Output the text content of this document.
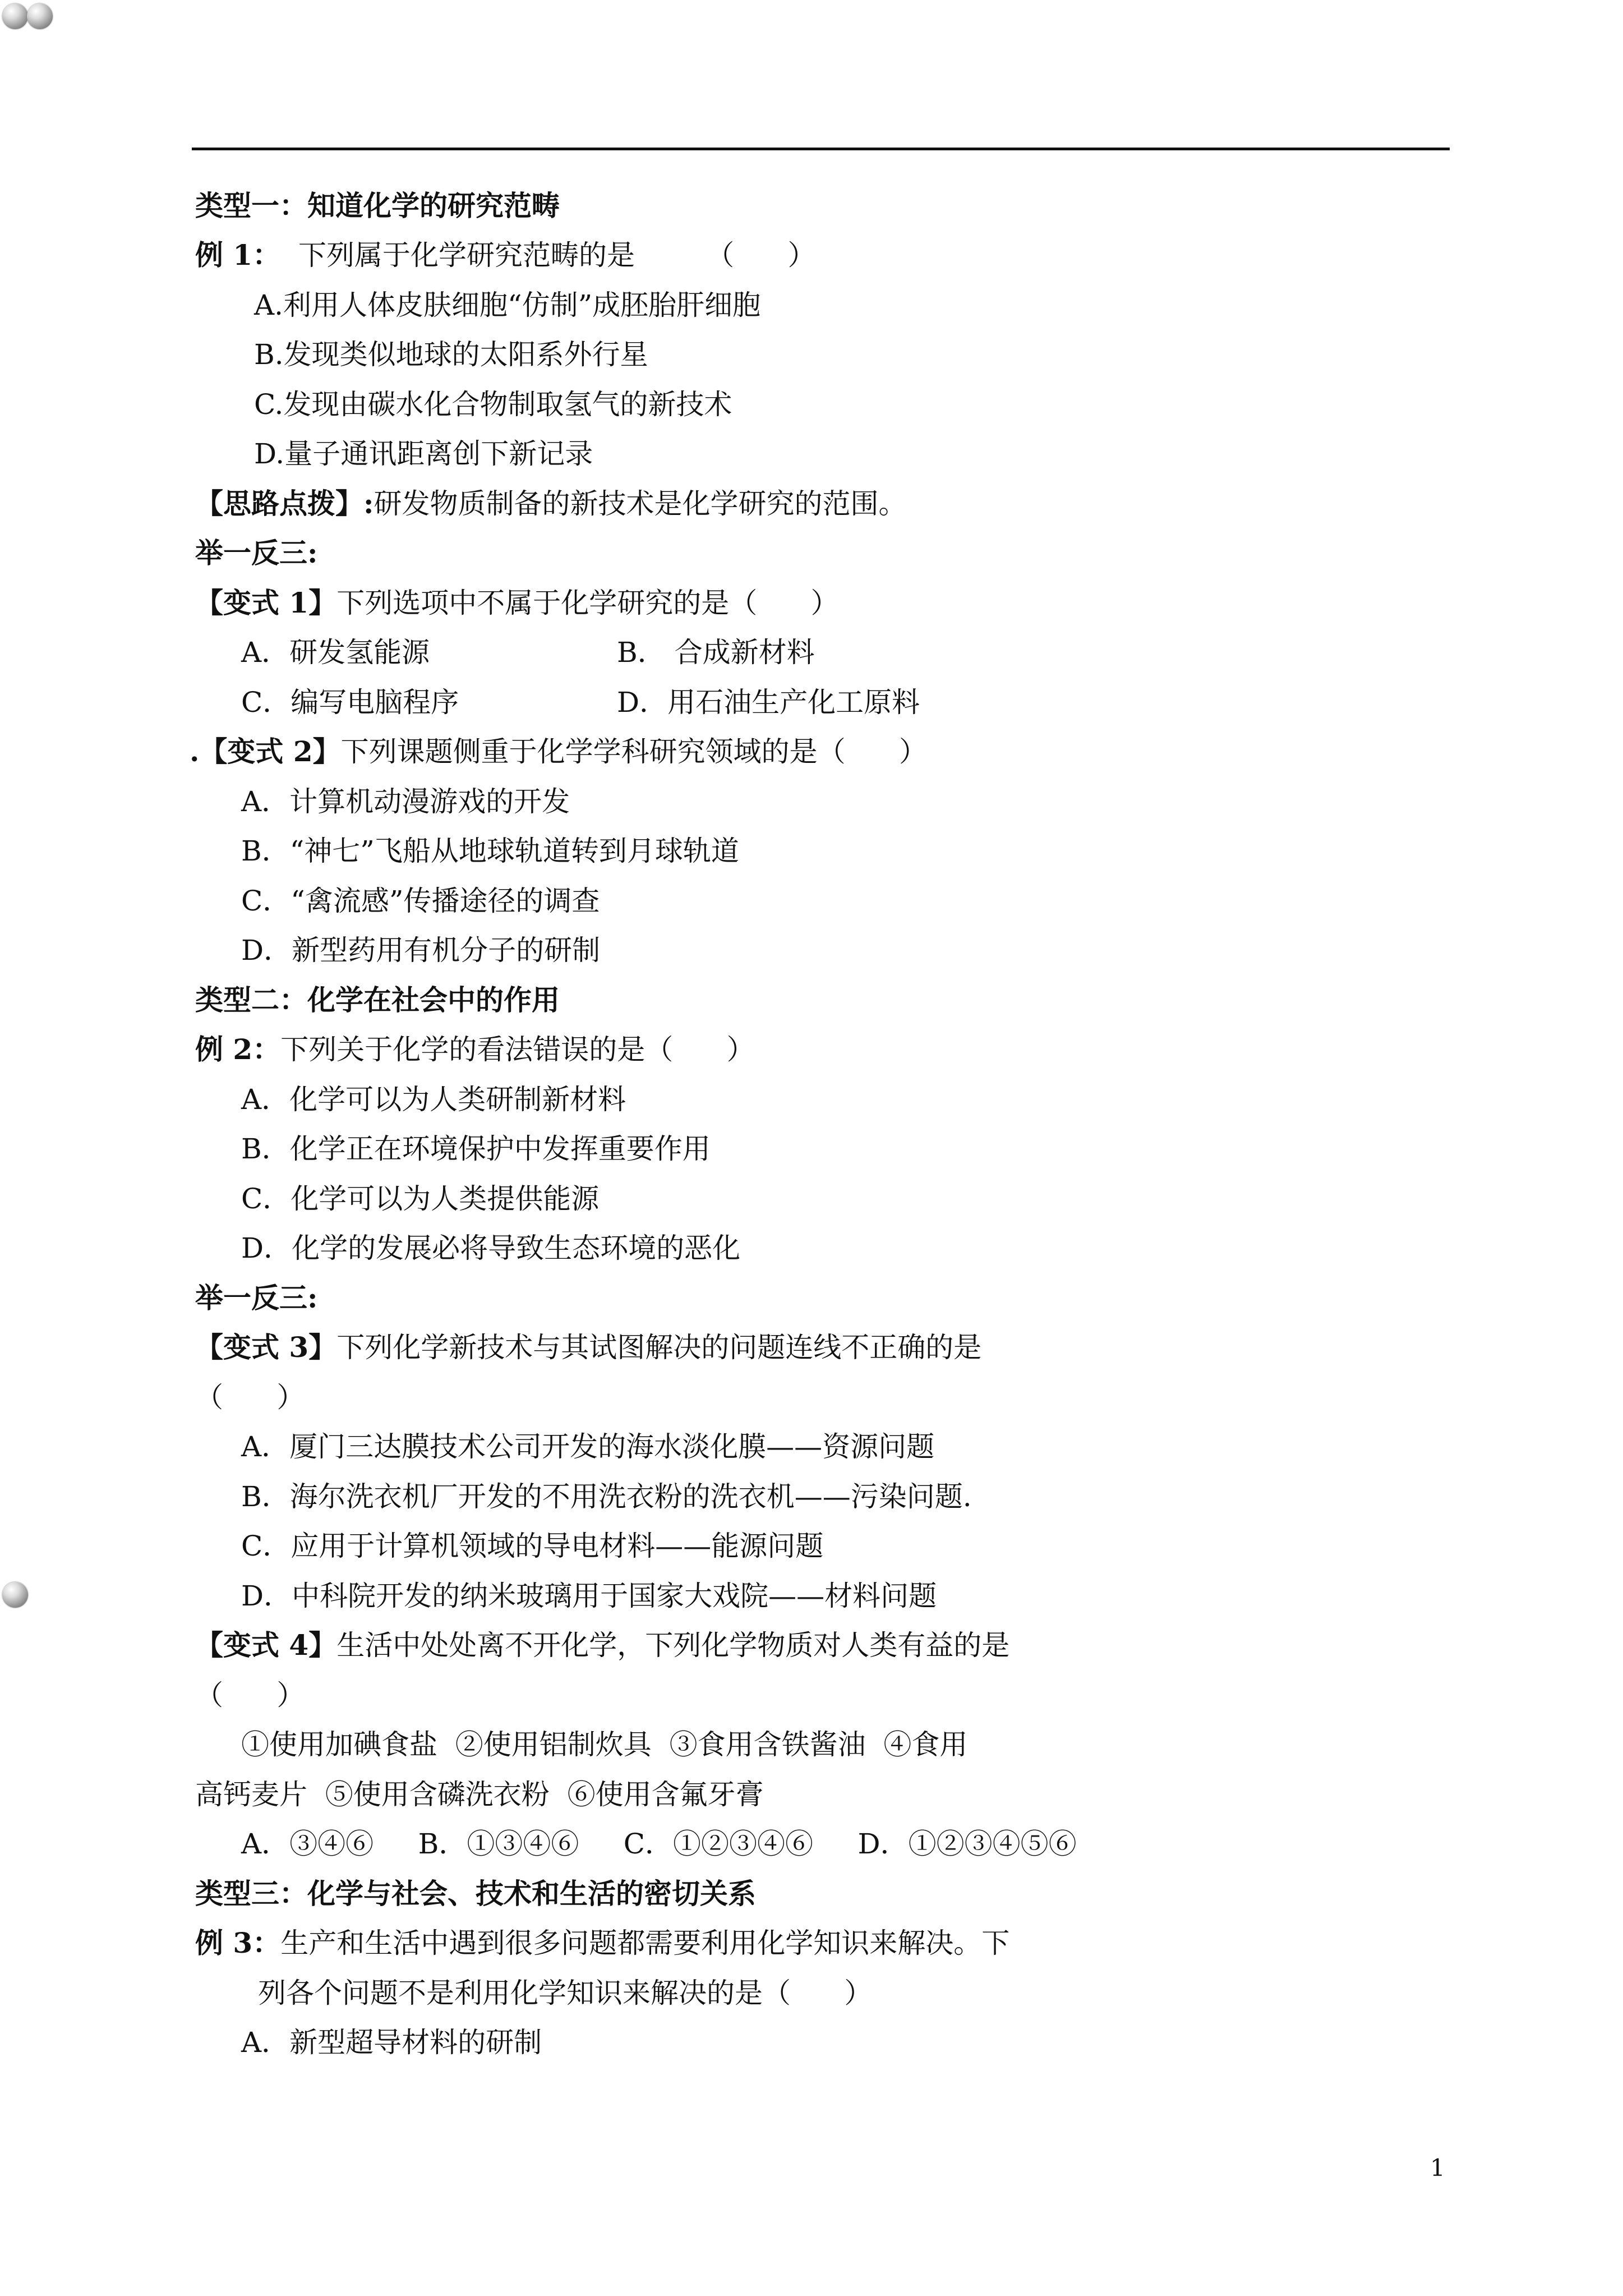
类型一：知道化学的研究范畴
例 1：  下列属于化学研究范畴的是        （      ）
A.利用人体皮肤细胞“仿制”成胚胎肝细胞
B.发现类似地球的太阳系外行星
C.发现由碳水化合物制取氢气的新技术
D.量子通讯距离创下新记录
【思路点拨】:研发物质制备的新技术是化学研究的范围。
举一反三:
【变式 1】下列选项中不属于化学研究的是（      ）
A．研发氢能源	B． 合成新材料
C．编写电脑程序	D．用石油生产化工原料
.【变式 2】下列课题侧重于化学学科研究领域的是（      ）
A．计算机动漫游戏的开发
B．“神七”飞船从地球轨道转到月球轨道
C．“禽流感”传播途径的调查
D．新型药用有机分子的研制
类型二：化学在社会中的作用
例 2：下列关于化学的看法错误的是（      ）
A．化学可以为人类研制新材料
B．化学正在环境保护中发挥重要作用
C．化学可以为人类提供能源
D．化学的发展必将导致生态环境的恶化
举一反三:
【变式 3】下列化学新技术与其试图解决的问题连线不正确的是
（      ）
A．厦门三达膜技术公司开发的海水淡化膜——资源问题
B．海尔洗衣机厂开发的不用洗衣粉的洗衣机——污染问题.
C．应用于计算机领域的导电材料——能源问题
D．中科院开发的纳米玻璃用于国家大戏院——材料问题
【变式 4】生活中处处离不开化学，下列化学物质对人类有益的是
（      ）
①使用加碘食盐  ②使用铝制炊具  ③食用含铁酱油  ④食用
高钙麦片  ⑤使用含磷洗衣粉  ⑥使用含氟牙膏
A．③④⑥     B．①③④⑥     C．①②③④⑥     D．①②③④⑤⑥
类型三：化学与社会、技术和生活的密切关系
例 3：生产和生活中遇到很多问题都需要利用化学知识来解决。下
列各个问题不是利用化学知识来解决的是（      ）
A．新型超导材料的研制
1
